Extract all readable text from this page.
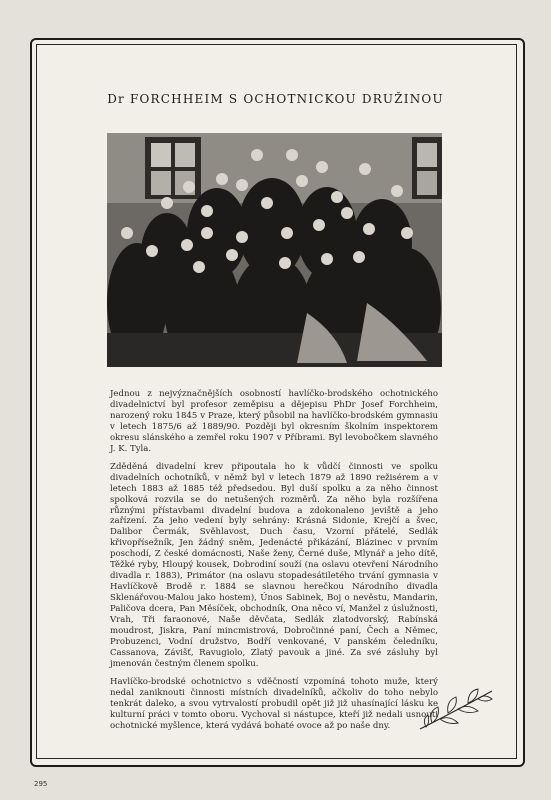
Dr FORCHHEIM S OCHOTNICKOU DRUŽINOU

Jednou z nejvýznačnějších osobností havlíčko-brodského ochotnického divadelnictví byl profesor zeměpisu a dějepisu PhDr Josef Forchheim, narozený roku 1845 v Praze, který působil na havlíčko-brodském gymnasiu v letech 1875/6 až 1889/90. Později byl okresním školním inspektorem okresu slánského a zemřel roku 1907 v Příbrami. Byl levobočkem slavného J. K. Tyla.

Zděděná divadelní krev připoutala ho k vůdčí činnosti ve spolku divadelních ochotníků, v němž byl v letech 1879 až 1890 režisérem a v letech 1883 až 1885 též předsedou. Byl duší spolku a za něho činnost spolková rozvila se do netušených rozměrů. Za něho byla rozšířena různými přístavbami divadelní budova a zdokonaleno jeviště a jeho zařízení. Za jeho vedení byly sehrány: Krásná Sidonie, Krejčí a švec, Dalibor Čermák, Svěhlavost, Duch času, Vzorní přátelé, Sedlák křivopřísežník, Jen žádný sněm, Jedenácté přikázání, Blázinec v prvním poschodí, Z české domácnosti, Naše ženy, Černé duše, Mlynář a jeho dítě, Těžké ryby, Hloupý kousek, Dobrodiní souží (na oslavu otevření Národního divadla r. 1883), Primátor (na oslavu stopadesátiletého trvání gymnasia v Havlíčkově Brodě r. 1884 se slavnou herečkou Národního divadla Sklenářovou-Malou jako hostem), Únos Sabinek, Boj o nevěstu, Mandarin, Paličova dcera, Pan Měsíček, obchodník, Ona něco ví, Manžel z úslužnosti, Vrah, Tři faraonové, Naše děvčata, Sedlák zlatodvorský, Rabínská moudrost, Jiskra, Paní mincmistrová, Dobročinné paní, Čech a Němec, Probuzenci, Vodní družstvo, Bodří venkované, V panském čeledníku, Cassanova, Závišť, Ravugiolo, Zlatý pavouk a jiné. Za své zásluhy byl jmenován čestným členem spolku.

Havlíčko-brodské ochotnictvo s vděčností vzpomíná tohoto muže, který nedal zaniknouti činnosti místních divadelníků, ačkoliv do toho nebylo tenkrát daleko, a svou vytrvalostí probudil opět již již uhasínající lásku ke kulturní práci v tomto oboru. Vychoval si nástupce, kteří již nedali usnouti ochotnické myšlence, která vydává bohaté ovoce až po naše dny.

295
